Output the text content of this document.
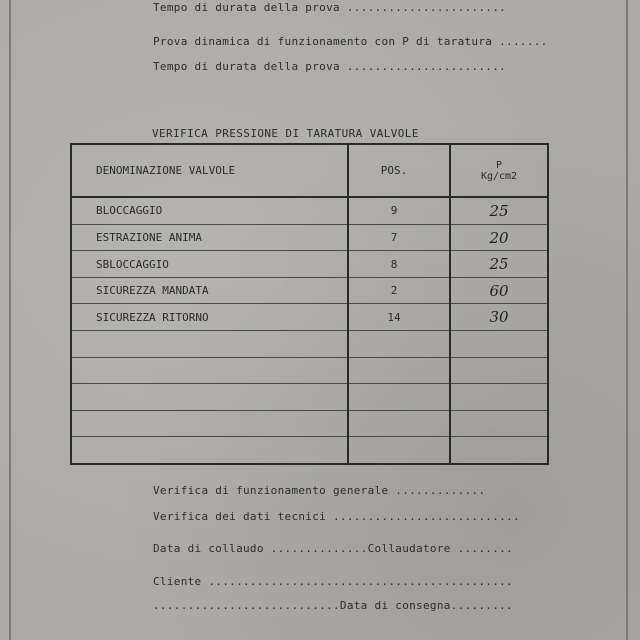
Tempo di durata della prova .......................
Prova dinamica di funzionamento con P di taratura .......
Tempo di durata della prova .......................
VERIFICA PRESSIONE DI TARATURA VALVOLE
DENOMINAZIONE VALVOLE	POS.	P
Kg/cm2
BLOCCAGGIO	9	25
ESTRAZIONE ANIMA	7	20
SBLOCCAGGIO	8	25
SICUREZZA MANDATA	2	60
SICUREZZA RITORNO	14	30

Verifica di funzionamento generale .............
Verifica dei dati tecnici ...........................
Data di collaudo ..............Collaudatore ........
Cliente ............................................
...........................Data di consegna.........
